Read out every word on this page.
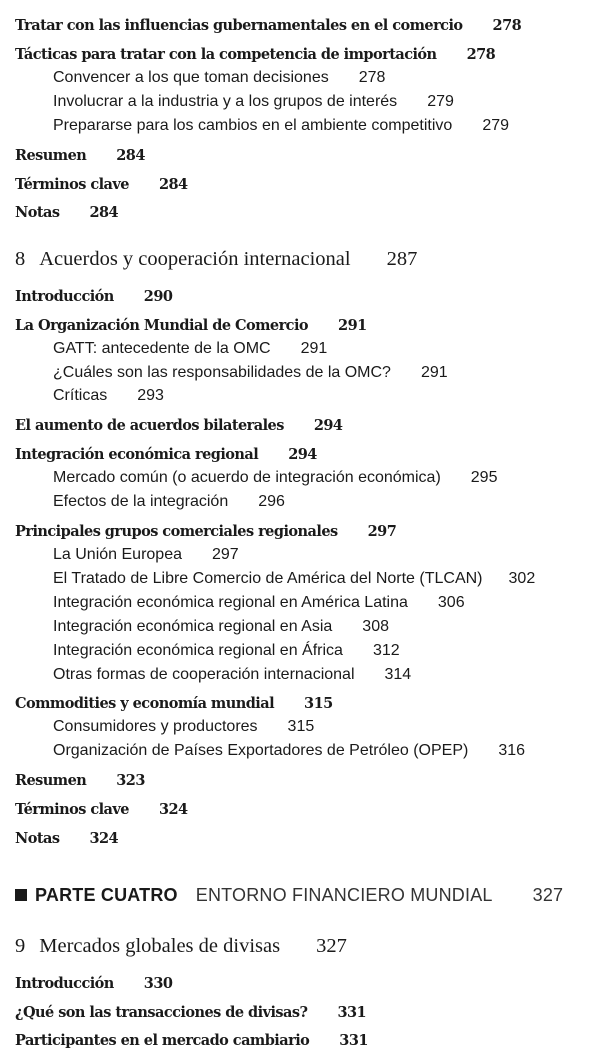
Tratar con las influencias gubernamentales en el comercio 278
Tácticas para tratar con la competencia de importación 278
Convencer a los que toman decisiones 278
Involucrar a la industria y a los grupos de interés 279
Prepararse para los cambios en el ambiente competitivo 279
Resumen 284
Términos clave 284
Notas 284
8 Acuerdos y cooperación internacional 287
Introducción 290
La Organización Mundial de Comercio 291
GATT: antecedente de la OMC 291
¿Cuáles son las responsabilidades de la OMC? 291
Críticas 293
El aumento de acuerdos bilaterales 294
Integración económica regional 294
Mercado común (o acuerdo de integración económica) 295
Efectos de la integración 296
Principales grupos comerciales regionales 297
La Unión Europea 297
El Tratado de Libre Comercio de América del Norte (TLCAN) 302
Integración económica regional en América Latina 306
Integración económica regional en Asia 308
Integración económica regional en África 312
Otras formas de cooperación internacional 314
Commodities y economía mundial 315
Consumidores y productores 315
Organización de Países Exportadores de Petróleo (OPEP) 316
Resumen 323
Términos clave 324
Notas 324
PARTE CUATRO ENTORNO FINANCIERO MUNDIAL 327
9 Mercados globales de divisas 327
Introducción 330
¿Qué son las transacciones de divisas? 331
Participantes en el mercado cambiario 331
